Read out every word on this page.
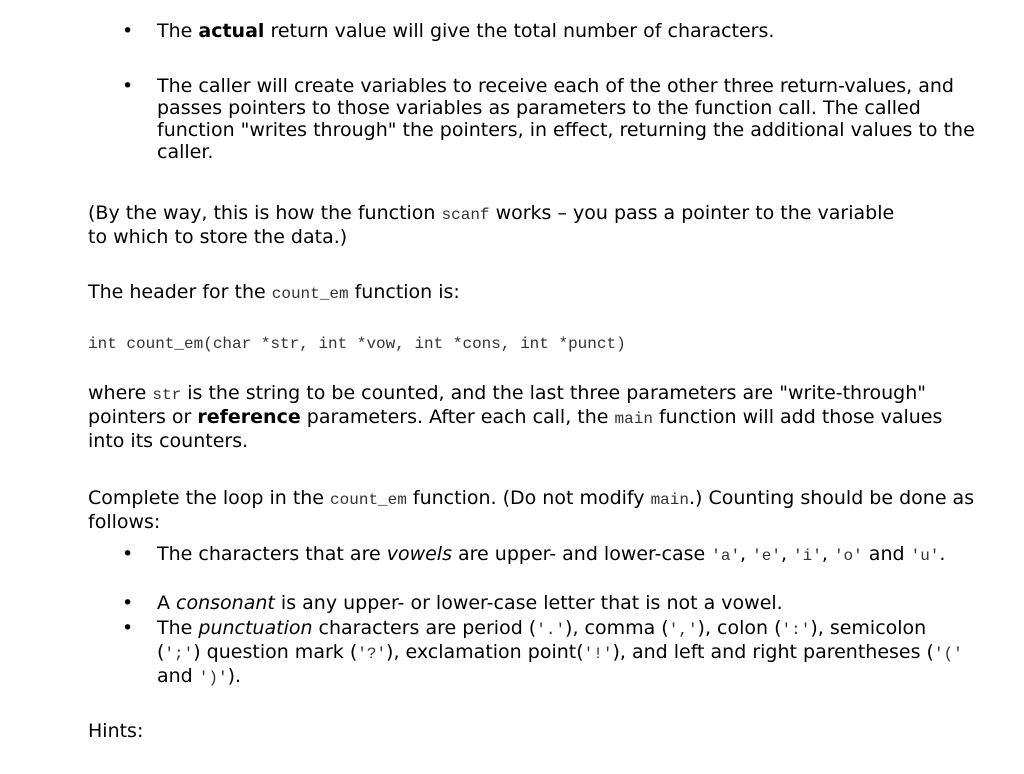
•	The actual return value will give the total number of characters.

•	The caller will create variables to receive each of the other three return-values, and passes pointers to those variables as parameters to the function call. The called function "writes through" the pointers, in effect, returning the additional values to the caller.

(By the way, this is how the function scanf works – you pass a pointer to the variable to which to store the data.)

The header for the count_em function is:

int count_em(char *str, int *vow, int *cons, int *punct)

where str is the string to be counted, and the last three parameters are "write-through" pointers or reference parameters. After each call, the main function will add those values into its counters.

Complete the loop in the count_em function. (Do not modify main.) Counting should be done as follows:

•	The characters that are vowels are upper- and lower-case 'a', 'e', 'i', 'o' and 'u'.

•	A consonant is any upper- or lower-case letter that is not a vowel.

•	The punctuation characters are period ('.'), comma (','), colon (':'), semicolon (';') question mark ('?'), exclamation point('!'), and left and right parentheses ('(' and ')').

Hints:
